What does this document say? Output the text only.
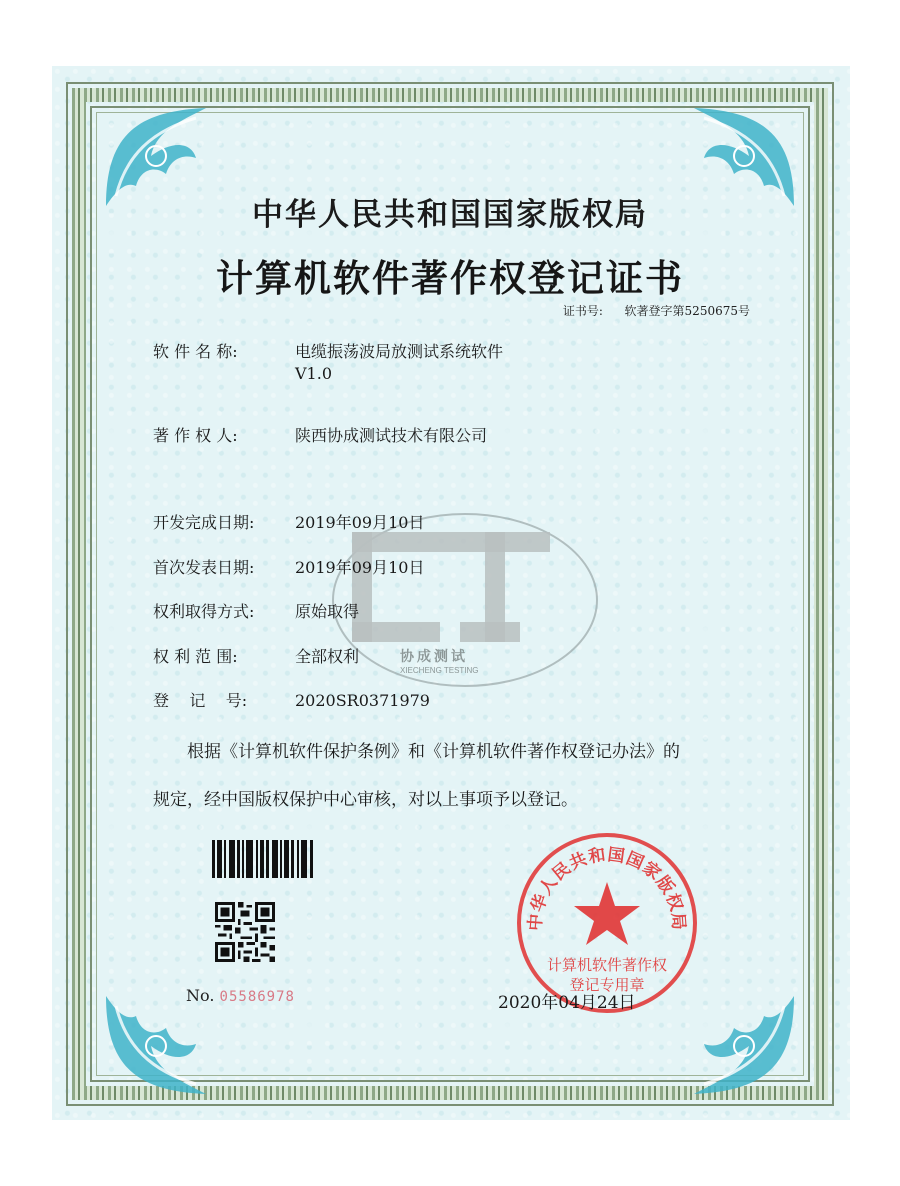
中华人民共和国国家版权局
计算机软件著作权登记证书
证书号: 软著登字第5250675号
协成测试
XIECHENG TESTING
软 件 名 称:	电缆振荡波局放测试系统软件
V1.0
著 作 权 人:	陕西协成测试技术有限公司
开发完成日期:	2019年09月10日
首次发表日期:	2019年09月10日
权利取得方式:	原始取得
权 利 范 围:	全部权利
登    记    号:	2020SR0371979
根据《计算机软件保护条例》和《计算机软件著作权登记办法》的
规定，经中国版权保护中心审核，对以上事项予以登记。
No. 05586978
中华人民共和国国家版权局
计算机软件著作权
登记专用章
2020年04月24日
